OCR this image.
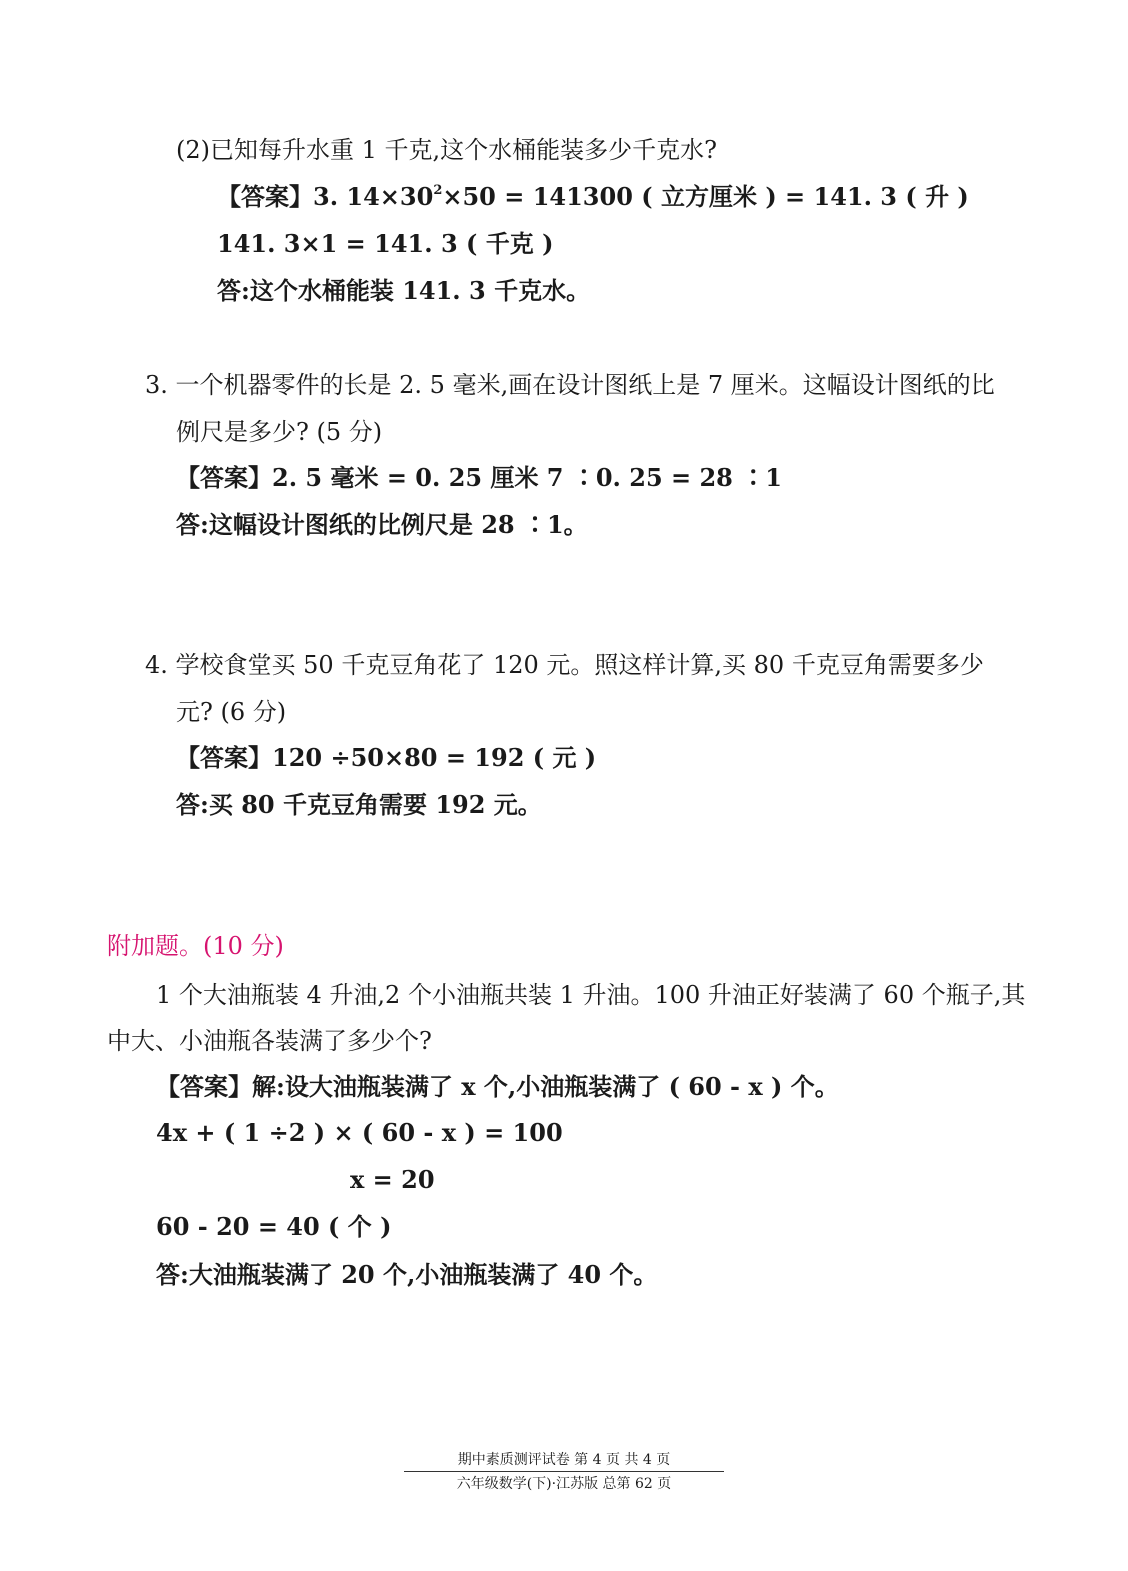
(2)已知每升水重 1 千克,这个水桶能装多少千克水?
【答案】3. $14\times 30^2\times 50 = 141300$ ( 立方厘米 ) = 141. 3 ( 升 )
141. 3×1 = 141. 3 ( 千克 )
答:这个水桶能装 141. 3 千克水。
3. 一个机器零件的长是 2. 5 毫米,画在设计图纸上是 7 厘米。这幅设计图纸的比
例尺是多少? (5 分)
【答案】2. 5 毫米 = 0. 25 厘米 7 ∶0. 25 = 28 ∶1
答:这幅设计图纸的比例尺是 28 ∶1。
4. 学校食堂买 50 千克豆角花了 120 元。照这样计算,买 80 千克豆角需要多少
元? (6 分)
【答案】120 ÷50×80 = 192 ( 元 )
答:买 80 千克豆角需要 192 元。
附加题。(10 分)
1 个大油瓶装 4 升油,2 个小油瓶共装 1 升油。100 升油正好装满了 60 个瓶子,其
中大、小油瓶各装满了多少个?
【答案】解:设大油瓶装满了 x 个,小油瓶装满了 ( 60 - x ) 个。
4x + ( 1 ÷2 ) × ( 60 - x ) = 100
x = 20
60 - 20 = 40 ( 个 )
答:大油瓶装满了 20 个,小油瓶装满了 40 个。
期中素质测评试卷 第 4 页 共 4 页
六年级数学(下)·江苏版 总第 62 页
